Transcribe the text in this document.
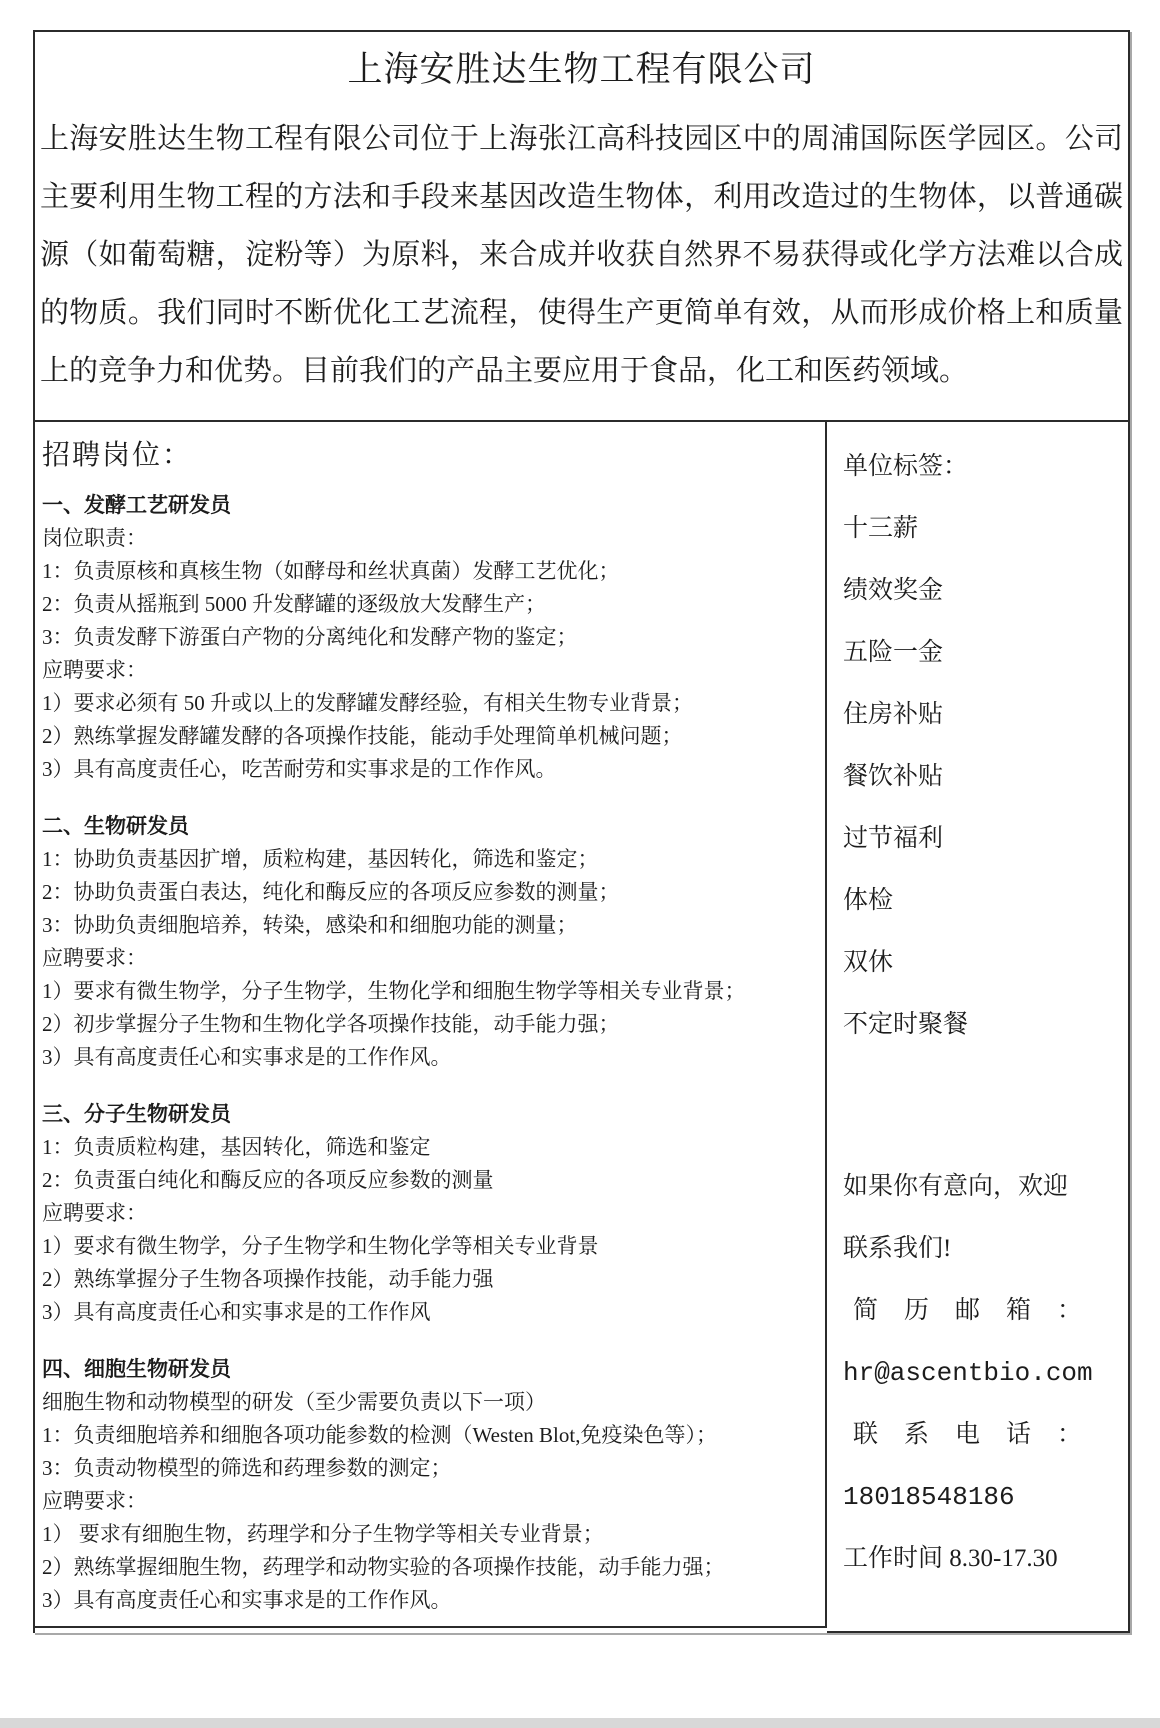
上海安胜达生物工程有限公司
上海安胜达生物工程有限公司位于上海张江高科技园区中的周浦国际医学园区。公司主要利用生物工程的方法和手段来基因改造生物体，利用改造过的生物体，以普通碳源（如葡萄糖，淀粉等）为原料，来合成并收获自然界不易获得或化学方法难以合成的物质。我们同时不断优化工艺流程，使得生产更简单有效，从而形成价格上和质量上的竞争力和优势。目前我们的产品主要应用于食品，化工和医药领域。
招聘岗位：
一、发酵工艺研发员
岗位职责：
1：负责原核和真核生物（如酵母和丝状真菌）发酵工艺优化；
2：负责从摇瓶到 5000 升发酵罐的逐级放大发酵生产；
3：负责发酵下游蛋白产物的分离纯化和发酵产物的鉴定；
应聘要求：
1）要求必须有 50 升或以上的发酵罐发酵经验，有相关生物专业背景；
2）熟练掌握发酵罐发酵的各项操作技能，能动手处理简单机械问题；
3）具有高度责任心，吃苦耐劳和实事求是的工作作风。
二、生物研发员
1：协助负责基因扩增，质粒构建，基因转化，筛选和鉴定；
2：协助负责蛋白表达，纯化和酶反应的各项反应参数的测量；
3：协助负责细胞培养，转染，感染和和细胞功能的测量；
应聘要求：
1）要求有微生物学，分子生物学，生物化学和细胞生物学等相关专业背景；
2）初步掌握分子生物和生物化学各项操作技能，动手能力强；
3）具有高度责任心和实事求是的工作作风。
三、分子生物研发员
1：负责质粒构建，基因转化，筛选和鉴定
2：负责蛋白纯化和酶反应的各项反应参数的测量
应聘要求：
1）要求有微生物学，分子生物学和生物化学等相关专业背景
2）熟练掌握分子生物各项操作技能，动手能力强
3）具有高度责任心和实事求是的工作作风
四、细胞生物研发员
细胞生物和动物模型的研发（至少需要负责以下一项）
1：负责细胞培养和细胞各项功能参数的检测（Westen Blot,免疫染色等）；
3：负责动物模型的筛选和药理参数的测定；
应聘要求：
1） 要求有细胞生物，药理学和分子生物学等相关专业背景；
2）熟练掌握细胞生物，药理学和动物实验的各项操作技能，动手能力强；
3）具有高度责任心和实事求是的工作作风。
单位标签：
十三薪
绩效奖金
五险一金
住房补贴
餐饮补贴
过节福利
体检
双休
不定时聚餐
如果你有意向，欢迎
联系我们!
简历邮箱：
hr@ascentbio.com
联系电话：
18018548186
工作时间 8.30-17.30
